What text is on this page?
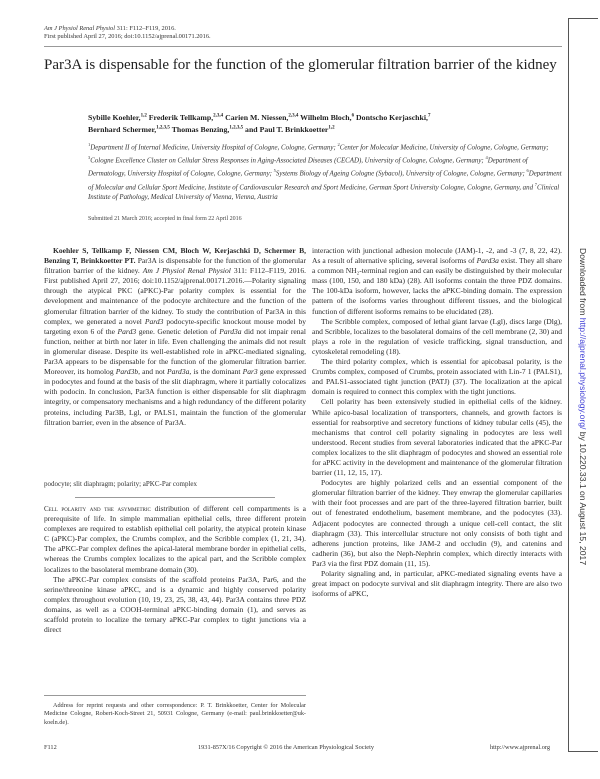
Am J Physiol Renal Physiol 311: F112–F119, 2016.
First published April 27, 2016; doi:10.1152/ajprenal.00171.2016.
Par3A is dispensable for the function of the glomerular filtration barrier of the kidney
Sybille Koehler,$^{1,2}$ Frederik Tellkamp,$^{2,3,4}$ Carien M. Niessen,$^{2,3,4}$ Wilhelm Bloch,$^6$ Dontscho Kerjaschki,$^7$
Bernhard Schermer,$^{1,2,3,5}$ Thomas Benzing,$^{1,2,3,5}$ and Paul T. Brinkkoetter$^{1,2}$
$^1$Department II of Internal Medicine, University Hospital of Cologne, Cologne, Germany; $^2$Center for Molecular Medicine, University of Cologne, Cologne, Germany; $^3$Cologne Excellence Cluster on Cellular Stress Responses in Aging-Associated Diseases (CECAD), University of Cologne, Cologne, Germany; $^4$Department of Dermatology, University Hospital of Cologne, Cologne, Germany; $^5$Systems Biology of Ageing Cologne (Sybacol), University of Cologne, Cologne, Germany; $^6$Department of Molecular and Cellular Sport Medicine, Institute of Cardiovascular Research and Sport Medicine, German Sport University Cologne, Cologne, Germany, and $^7$Clinical Institute of Pathology, Medical University of Vienna, Vienna, Austria
Submitted 21 March 2016; accepted in final form 22 April 2016

Koehler S, Tellkamp F, Niessen CM, Bloch W, Kerjaschki D, Schermer B, Benzing T, Brinkkoetter PT. Par3A is dispensable for the function of the glomerular filtration barrier of the kidney. Am J Physiol Renal Physiol 311: F112–F119, 2016. First published April 27, 2016; doi:10.1152/ajprenal.00171.2016.—Polarity signaling through the atypical PKC (aPKC)-Par polarity complex is essential for the development and maintenance of the podocyte architecture and the function of the glomerular filtration barrier of the kidney. To study the contribution of Par3A in this complex, we generated a novel Pard3 podocyte-specific knockout mouse model by targeting exon 6 of the Pard3 gene. Genetic deletion of Pard3a did not impair renal function, neither at birth nor later in life. Even challenging the animals did not result in glomerular disease. Despite its well-established role in aPKC-mediated signaling, Par3A appears to be dispensable for the function of the glomerular filtration barrier. Moreover, its homolog Pard3b, and not Pard3a, is the dominant Par3 gene expressed in podocytes and found at the basis of the slit diaphragm, where it partially colocalizes with podocin. In conclusion, Par3A function is either dispensable for slit diaphragm integrity, or compensatory mechanisms and a high redundancy of the different polarity proteins, including Par3B, Lgl, or PALS1, maintain the function of the glomerular filtration barrier, even in the absence of Par3A.

podocyte; slit diaphragm; polarity; aPKC-Par complex

Cell polarity and the asymmetric distribution of different cell compartments is a prerequisite of life. In simple mammalian epithelial cells, three different protein complexes are required to establish epithelial cell polarity, the atypical protein kinase C (aPKC)-Par complex, the Crumbs complex, and the Scribble complex (1, 21, 34). The aPKC-Par complex defines the apical-lateral membrane border in epithelial cells, whereas the Crumbs complex localizes to the apical part, and the Scribble complex localizes to the basolateral membrane domain (30).

The aPKC-Par complex consists of the scaffold proteins Par3A, Par6, and the serine/threonine kinase aPKC, and is a dynamic and highly conserved polarity complex throughout evolution (10, 19, 23, 25, 38, 43, 44). Par3A contains three PDZ domains, as well as a COOH-terminal aPKC-binding domain (1), and serves as scaffold protein to localize the ternary aPKC-Par complex to tight junctions via a direct

Address for reprint requests and other correspondence: P. T. Brinkkoetter, Center for Molecular Medicine Cologne, Robert-Koch-Street 21, 50931 Cologne, Germany (e-mail: paul.brinkkoetter@uk-koeln.de).

interaction with junctional adhesion molecule (JAM)-1, -2, and -3 (7, 8, 22, 42). As a result of alternative splicing, several isoforms of Pard3a exist. They all share a common NH₂-terminal region and can easily be distinguished by their molecular mass (100, 150, and 180 kDa) (28). All isoforms contain the three PDZ domains. The 100-kDa isoform, however, lacks the aPKC-binding domain. The expression pattern of the isoforms varies throughout different tissues, and the biological function of different isoforms remains to be elucidated (28).

The Scribble complex, composed of lethal giant larvae (Lgl), discs large (Dlg), and Scribble, localizes to the basolateral domains of the cell membrane (2, 30) and plays a role in the regulation of vesicle trafficking, signal transduction, and cytoskeletal remodeling (18).

The third polarity complex, which is essential for apicobasal polarity, is the Crumbs complex, composed of Crumbs, protein associated with Lin-7 1 (PALS1), and PALS1-associated tight junction (PATJ) (37). The localization at the apical domain is required to connect this complex with the tight junctions.

Cell polarity has been extensively studied in epithelial cells of the kidney. While apico-basal localization of transporters, channels, and growth factors is essential for reabsorptive and secretory functions of kidney tubular cells (45), the mechanisms that control cell polarity signaling in podocytes are less well understood. Recent studies from several laboratories indicated that the aPKC-Par complex localizes to the slit diaphragm of podocytes and showed an essential role for aPKC activity in the development and maintenance of the glomerular filtration barrier (11, 12, 15, 17).

Podocytes are highly polarized cells and an essential component of the glomerular filtration barrier of the kidney. They enwrap the glomerular capillaries with their foot processes and are part of the three-layered filtration barrier, built out of fenestrated endothelium, basement membrane, and the podocytes (33). Adjacent podocytes are connected through a unique cell-cell contact, the slit diaphragm (33). This intercellular structure not only consists of both tight and adherens junction proteins, like JAM-2 and occludin (9), and catenins and cadherin (36), but also the Neph-Nephrin complex, which directly interacts with Par3 via the first PDZ domain (11, 15).

Polarity signaling and, in particular, aPKC-mediated signaling events have a great impact on podocyte survival and slit diaphragm integrity. There are also two isoforms of aPKC,

F112	1931-857X/16 Copyright © 2016 the American Physiological Society	http://www.ajprenal.org
Downloaded from http://ajprenal.physiology.org/ by 10.220.33.1 on August 15, 2017
